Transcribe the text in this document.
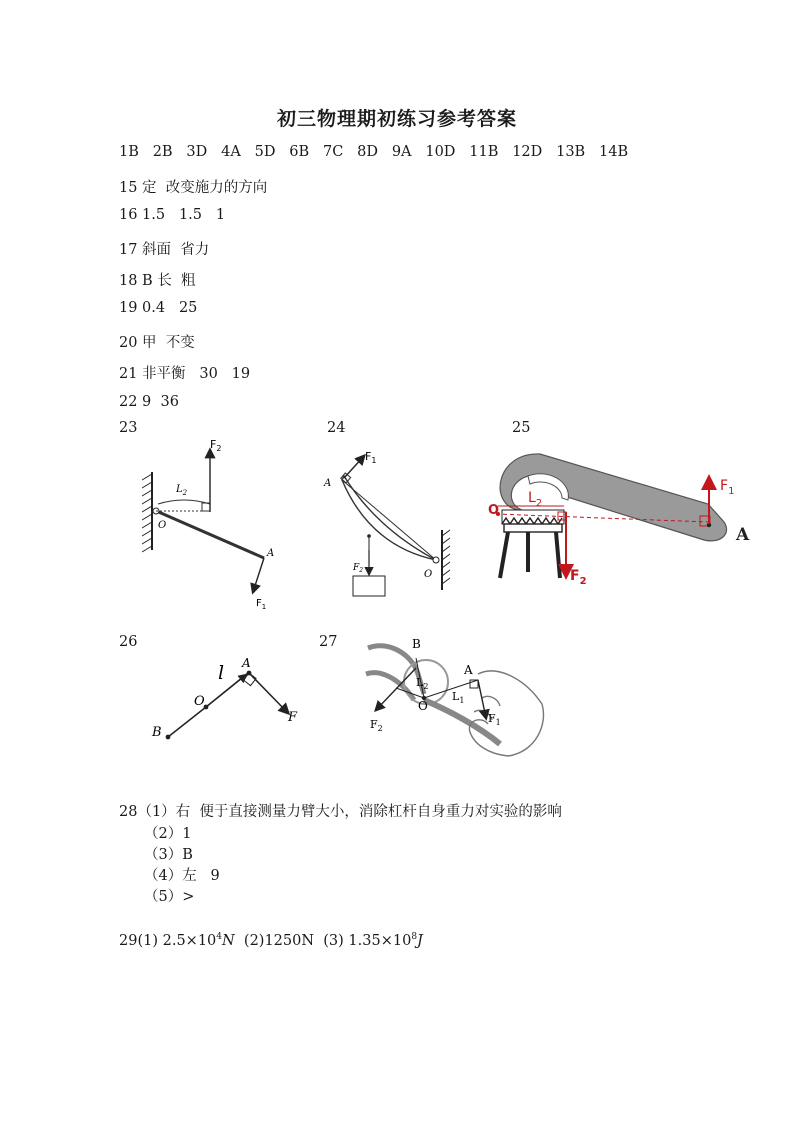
初三物理期初练习参考答案
1B   2B   3D   4A   5D   6B   7C   8D   9A   10D   11B   12D   13B   14B
15 定  改变施力的方向
16 1.5   1.5   1
17 斜面  省力
18 B 长  粗
19 0.4   25
20 甲  不变
21 非平衡   30   19
22 9  36
23	24	25
26	27
$F_2$
$L_2$
O
A
$F_1$
$F_1$
A
$F_2$	O
O
$L_2$
$F_1$
$F_2$
A
l A
O
B
F
B
A
$L_2$
$L_1$
O
$F_1$
$F_2$
28（1）右  便于直接测量力臂大小，消除杠杆自身重力对实验的影响
（2）1
（3）B
（4）左   9
（5）>
29(1) $2.5\times 10^4N$  (2)1250N  (3) $1.35\times 10^8J$
